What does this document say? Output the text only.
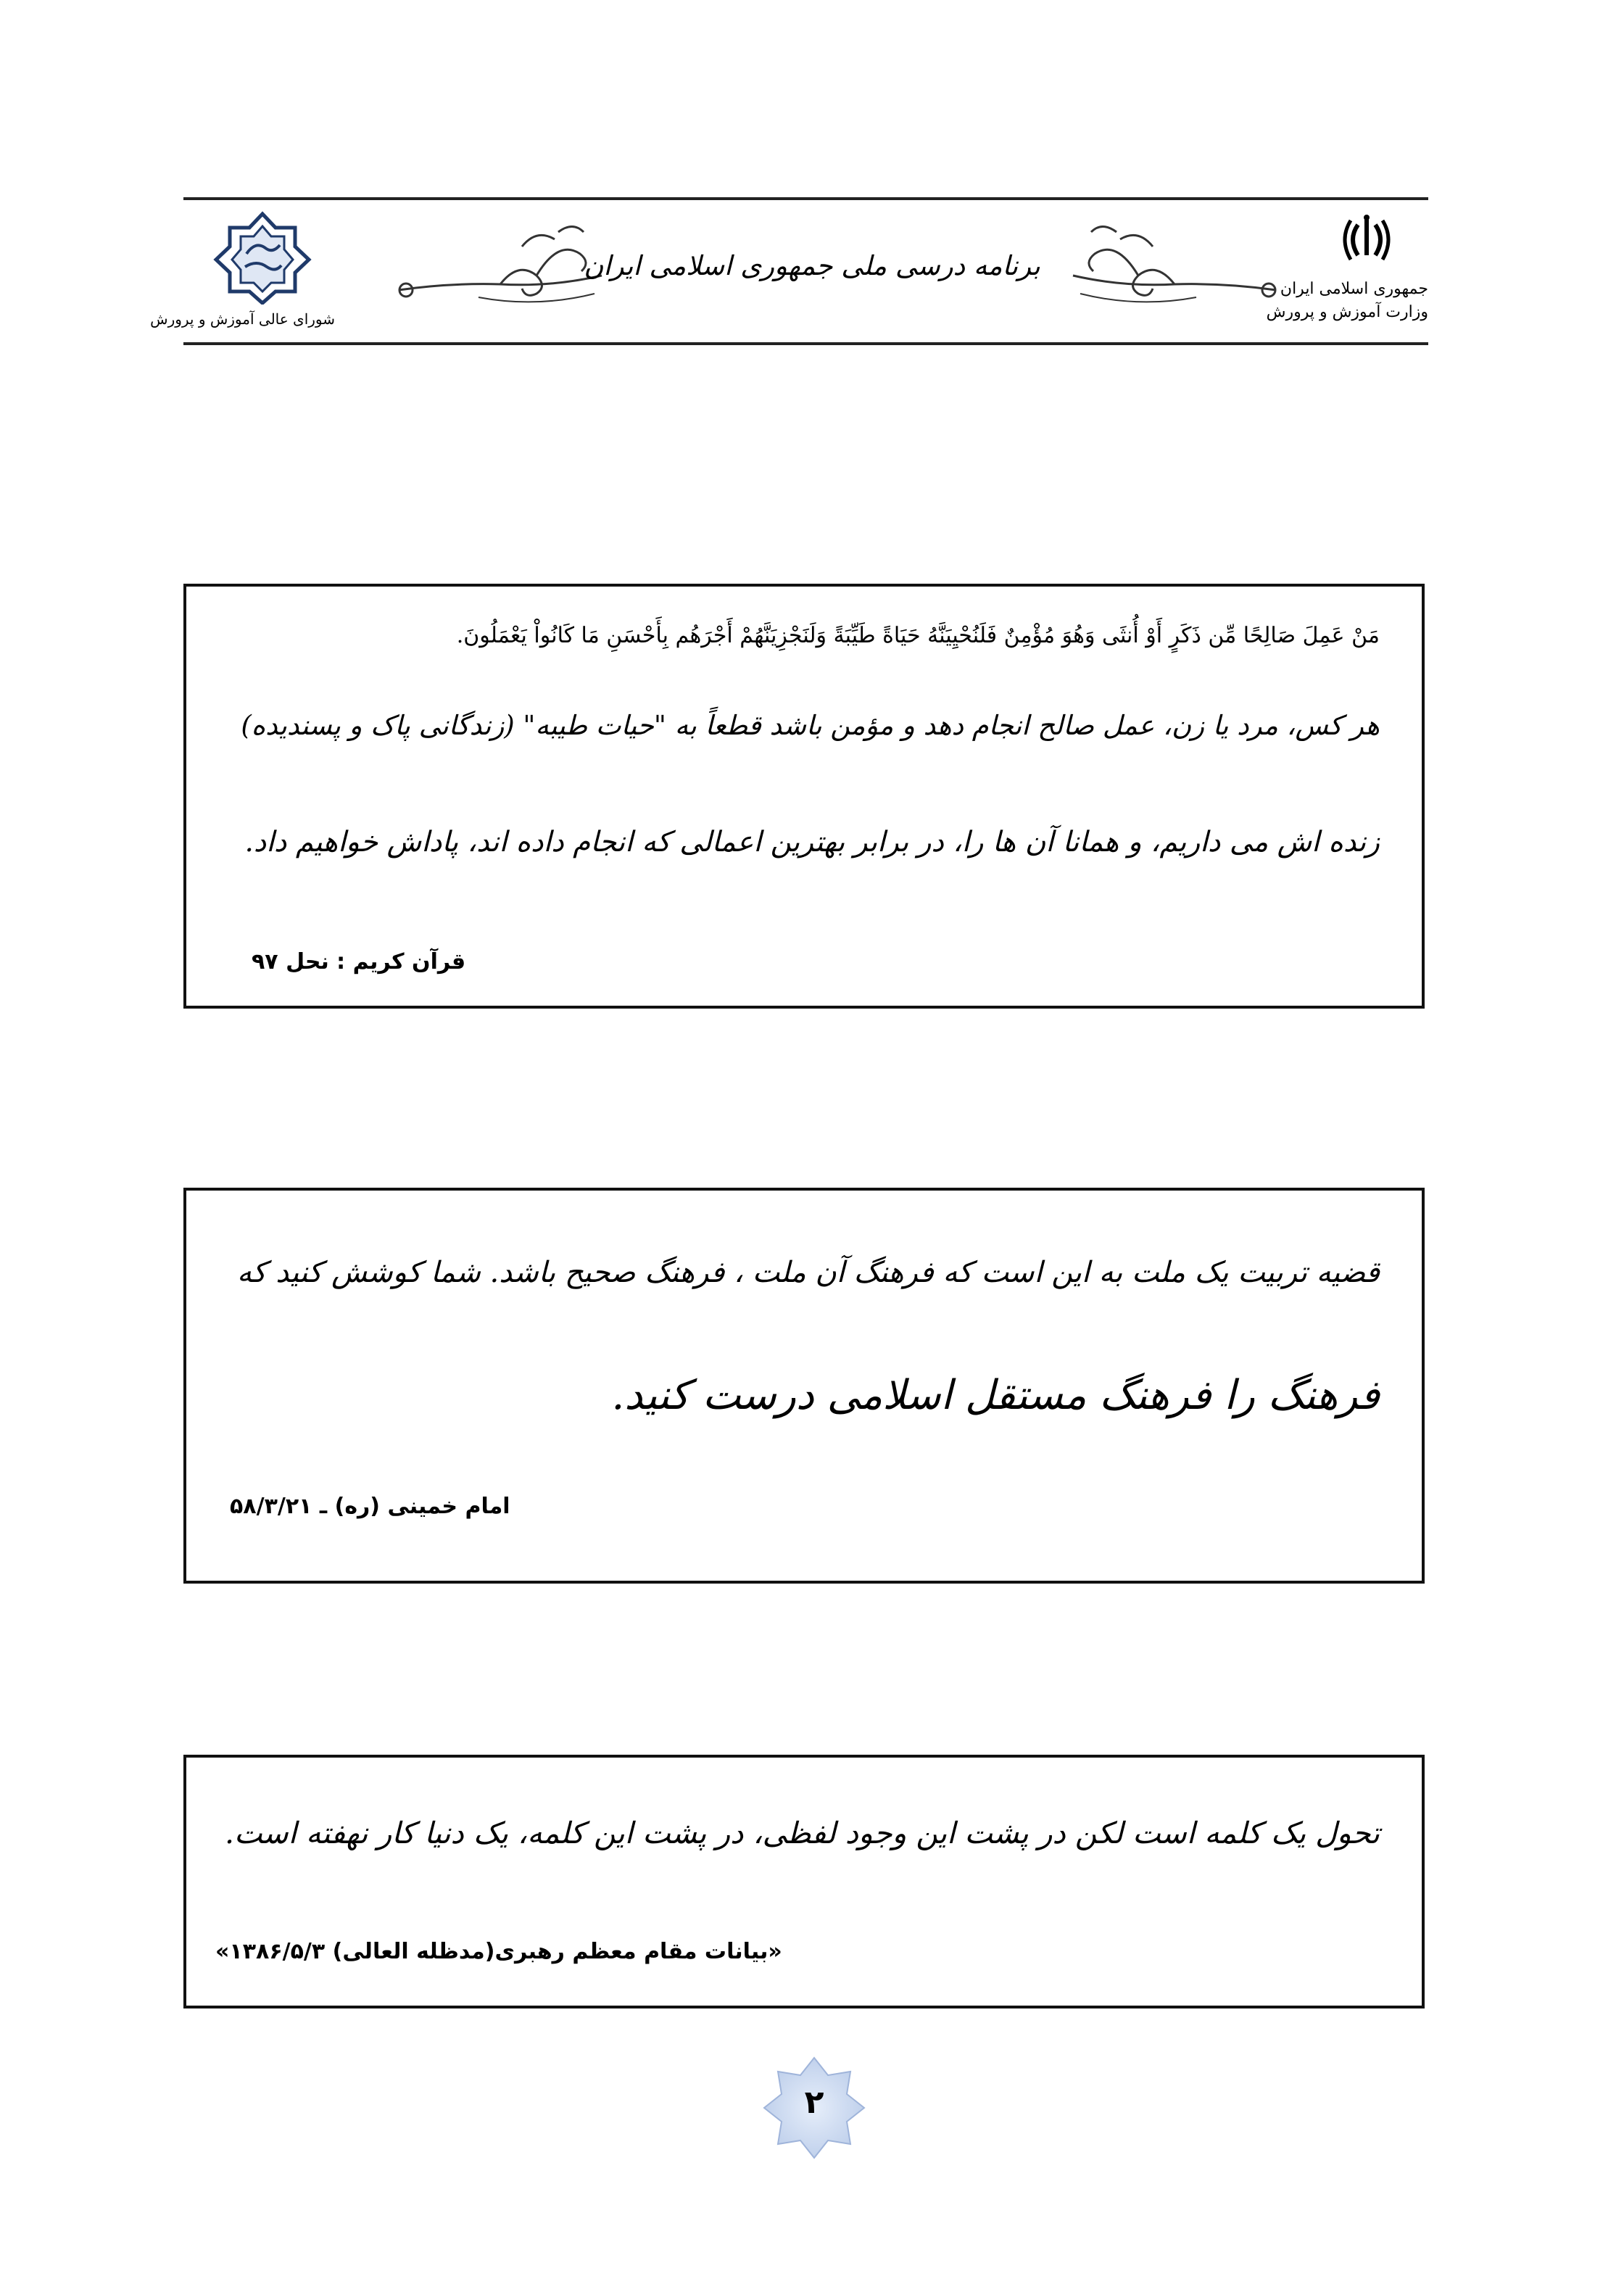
شورای عالی آموزش و پرورش
برنامه درسی ملی جمهوری اسلامی ایران
جمهوری اسلامی ایران
وزارت آموزش و پرورش
مَنْ عَمِلَ صَالِحًا مِّن ذَكَرٍ أَوْ أُنثَى وَهُوَ مُؤْمِنٌ فَلَنُحْيِيَنَّهُ حَيَاةً طَيِّبَةً وَلَنَجْزِيَنَّهُمْ أَجْرَهُم بِأَحْسَنِ مَا كَانُواْ يَعْمَلُونَ.
هر کس، مرد یا زن، عمل صالح انجام دهد و مؤمن باشد قطعاً به "حیات طیبه" (زندگانی پاک و پسندیده)
زنده اش می داریم، و همانا آن ها را، در برابر بهترین اعمالی که انجام داده اند، پاداش خواهیم داد.
قرآن کریم : نحل ۹۷
قضیه تربیت یک ملت به این است که فرهنگ آن ملت ، فرهنگ صحیح باشد. شما کوشش کنید که
فرهنگ را فرهنگ مستقل اسلامی درست کنید.
امام خمینی (ره) ـ ۵۸/۳/۲۱
تحول یک کلمه است لکن در پشت این وجود لفظی، در پشت این کلمه، یک دنیا کار نهفته است.
«بیانات مقام معظم رهبری(مدظله العالی) ۱۳۸۶/۵/۳»
۲
